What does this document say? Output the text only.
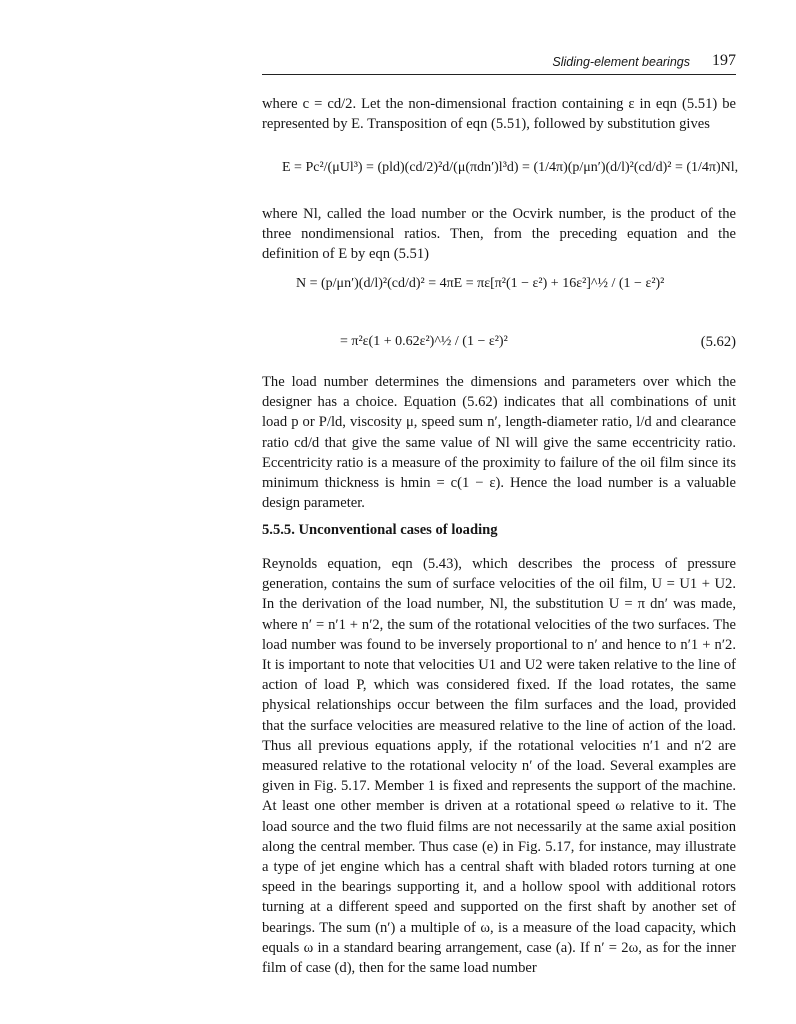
Sliding-element bearings 197

where c = cd/2. Let the non-dimensional fraction containing ε in eqn (5.51) be represented by E. Transposition of eqn (5.51), followed by substitution gives

E = Pc²/(μUl³) = (pld)(cd/2)²d/(μ(πdn′)l³d) = (1/4π)(p/μn′)(d/l)²(cd/d)² = (1/4π)Nl,

where Nl, called the load number or the Ocvirk number, is the product of the three nondimensional ratios. Then, from the preceding equation and the definition of E by eqn (5.51)

N = (p/μn′)(d/l)²(cd/d)² = 4πE = πε[π²(1 − ε²) + 16ε²]^½ / (1 − ε²)²
= π²ε(1 + 0.62ε²)^½ / (1 − ε²)²	(5.62)

The load number determines the dimensions and parameters over which the designer has a choice. Equation (5.62) indicates that all combinations of unit load p or P/ld, viscosity μ, speed sum n′, length-diameter ratio, l/d and clearance ratio cd/d that give the same value of Nl will give the same eccentricity ratio. Eccentricity ratio is a measure of the proximity to failure of the oil film since its minimum thickness is hmin = c(1 − ε). Hence the load number is a valuable design parameter.

5.5.5. Unconventional cases of loading

Reynolds equation, eqn (5.43), which describes the process of pressure generation, contains the sum of surface velocities of the oil film, U = U1 + U2. In the derivation of the load number, Nl, the substitution U = π dn′ was made, where n′ = n′1 + n′2, the sum of the rotational velocities of the two surfaces. The load number was found to be inversely proportional to n′ and hence to n′1 + n′2. It is important to note that velocities U1 and U2 were taken relative to the line of action of load P, which was considered fixed. If the load rotates, the same physical relationships occur between the film surfaces and the load, provided that the surface velocities are measured relative to the line of action of the load. Thus all previous equations apply, if the rotational velocities n′1 and n′2 are measured relative to the rotational velocity n′ of the load. Several examples are given in Fig. 5.17. Member 1 is fixed and represents the support of the machine. At least one other member is driven at a rotational speed ω relative to it. The load source and the two fluid films are not necessarily at the same axial position along the central member. Thus case (e) in Fig. 5.17, for instance, may illustrate a type of jet engine which has a central shaft with bladed rotors turning at one speed in the bearings supporting it, and a hollow spool with additional rotors turning at a different speed and supported on the first shaft by another set of bearings. The sum (n′) a multiple of ω, is a measure of the load capacity, which equals ω in a standard bearing arrangement, case (a). If n′ = 2ω, as for the inner film of case (d), then for the same load number
